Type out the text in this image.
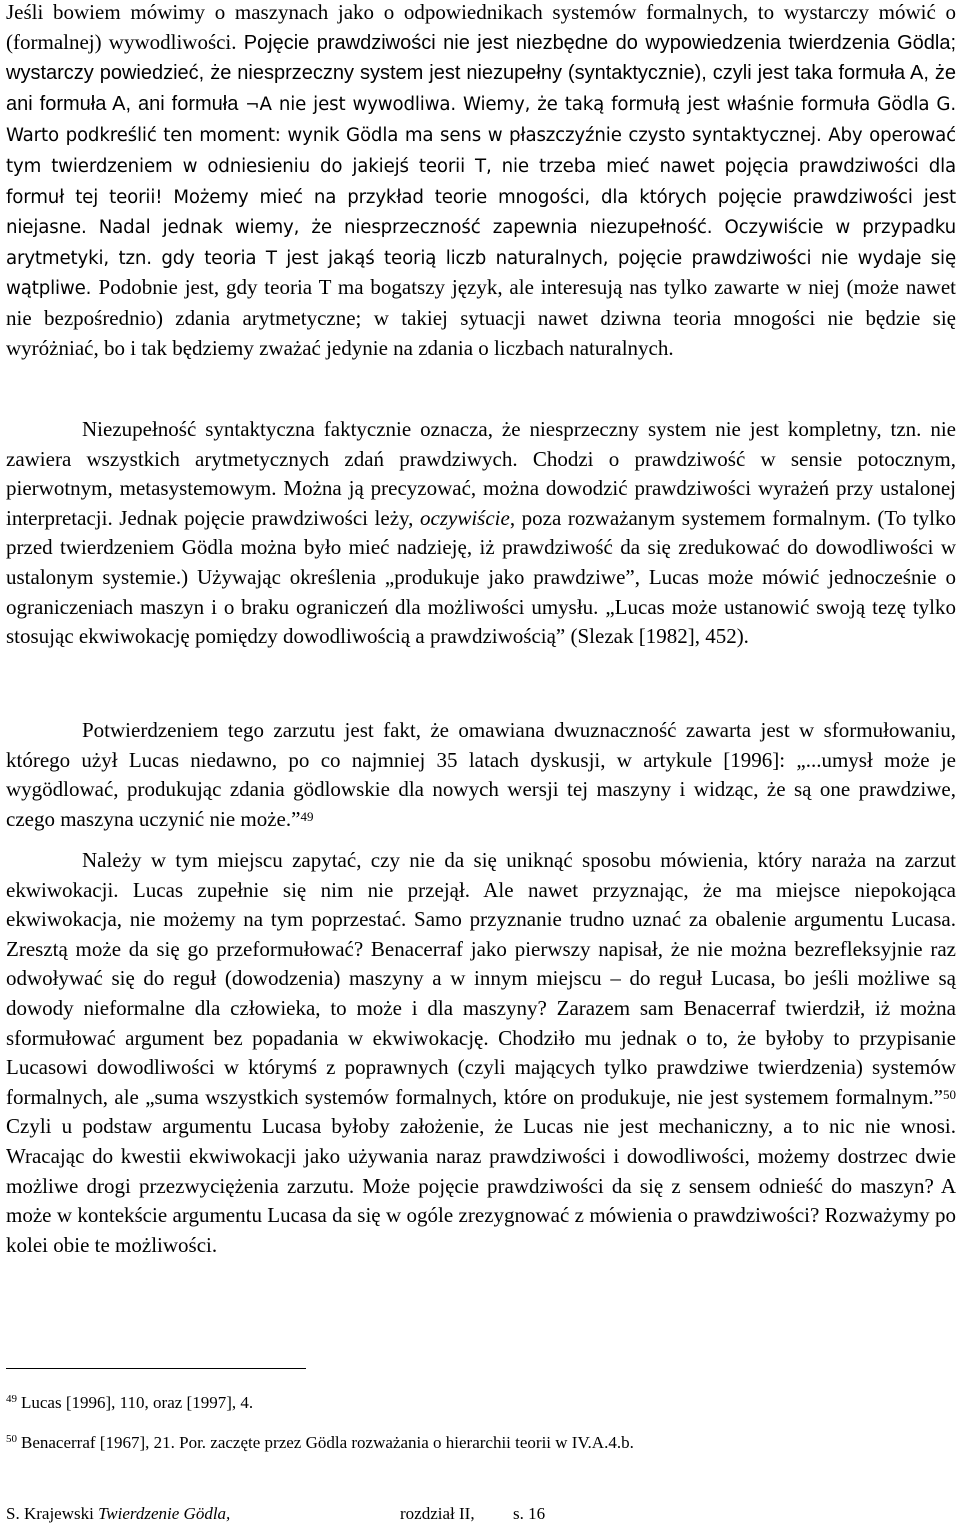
Jeśli bowiem mówimy o maszynach jako o odpowiednikach systemów formalnych, to wystarczy mówić o (formalnej) wywodliwości. Pojęcie prawdziwości nie jest niezbędne do wypowiedzenia twierdzenia Gödla; wystarczy powiedzieć, że niesprzeczny system jest niezupełny (syntaktycznie), czyli jest taka formuła A, że ani formuła A, ani formuła ¬A nie jest wywodliwa. Wiemy, że taką formułą jest właśnie formuła Gödla G. Warto podkreślić ten moment: wynik Gödla ma sens w płaszczyźnie czysto syntaktycznej. Aby operować tym twierdzeniem w odniesieniu do jakiejś teorii T, nie trzeba mieć nawet pojęcia prawdziwości dla formuł tej teorii! Możemy mieć na przykład teorie mnogości, dla których pojęcie prawdziwości jest niejasne. Nadal jednak wiemy, że niesprzeczność zapewnia niezupełność. Oczywiście w przypadku arytmetyki, tzn. gdy teoria T jest jakąś teorią liczb naturalnych, pojęcie prawdziwości nie wydaje się wątpliwe. Podobnie jest, gdy teoria T ma bogatszy język, ale interesują nas tylko zawarte w niej (może nawet nie bezpośrednio) zdania arytmetyczne; w takiej sytuacji nawet dziwna teoria mnogości nie będzie się wyróżniać, bo i tak będziemy zważać jedynie na zdania o liczbach naturalnych.

Niezupełność syntaktyczna faktycznie oznacza, że niesprzeczny system nie jest kompletny, tzn. nie zawiera wszystkich arytmetycznych zdań prawdziwych. Chodzi o prawdziwość w sensie potocznym, pierwotnym, metasystemowym. Można ją precyzować, można dowodzić prawdziwości wyrażeń przy ustalonej interpretacji. Jednak pojęcie prawdziwości leży, oczywiście, poza rozważanym systemem formalnym. (To tylko przed twierdzeniem Gödla można było mieć nadzieję, iż prawdziwość da się zredukować do dowodliwości w ustalonym systemie.) Używając określenia „produkuje jako prawdziwe”, Lucas może mówić jednocześnie o ograniczeniach maszyn i o braku ograniczeń dla możliwości umysłu. „Lucas może ustanowić swoją tezę tylko stosując ekwiwokację pomiędzy dowodliwością a prawdziwością” (Slezak [1982], 452).

Potwierdzeniem tego zarzutu jest fakt, że omawiana dwuznaczność zawarta jest w sformułowaniu, którego użył Lucas niedawno, po co najmniej 35 latach dyskusji, w artykule [1996]: „...umysł może je wygödlować, produkując zdania gödlowskie dla nowych wersji tej maszyny i widząc, że są one prawdziwe, czego maszyna uczynić nie może.”$^{49}$

Należy w tym miejscu zapytać, czy nie da się uniknąć sposobu mówienia, który naraża na zarzut ekwiwokacji. Lucas zupełnie się nim nie przejął. Ale nawet przyznając, że ma miejsce niepokojąca ekwiwokacja, nie możemy na tym poprzestać. Samo przyznanie trudno uznać za obalenie argumentu Lucasa. Zresztą może da się go przeformułować? Benacerraf jako pierwszy napisał, że nie można bezrefleksyjnie raz odwoływać się do reguł (dowodzenia) maszyny a w innym miejscu – do reguł Lucasa, bo jeśli możliwe są dowody nieformalne dla człowieka, to może i dla maszyny? Zarazem sam Benacerraf twierdził, iż można sformułować argument bez popadania w ekwiwokację. Chodziło mu jednak o to, że byłoby to przypisanie Lucasowi dowodliwości w którymś z poprawnych (czyli mających tylko prawdziwe twierdzenia) systemów formalnych, ale „suma wszystkich systemów formalnych, które on produkuje, nie jest systemem formalnym.”$^{50}$ Czyli u podstaw argumentu Lucasa byłoby założenie, że Lucas nie jest mechaniczny, a to nic nie wnosi. Wracając do kwestii ekwiwokacji jako używania naraz prawdziwości i dowodliwości, możemy dostrzec dwie możliwe drogi przezwyciężenia zarzutu. Może pojęcie prawdziwości da się z sensem odnieść do maszyn? A może w kontekście argumentu Lucasa da się w ogóle zrezygnować z mówienia o prawdziwości? Rozważymy po kolei obie te możliwości.

$^{49}$ Lucas [1996], 110, oraz [1997], 4.
$^{50}$ Benacerraf [1967], 21. Por. zaczęte przez Gödla rozważania o hierarchii teorii w IV.A.4.b.
S. Krajewski Twierdzenie Gödla,	rozdział II, s. 16
